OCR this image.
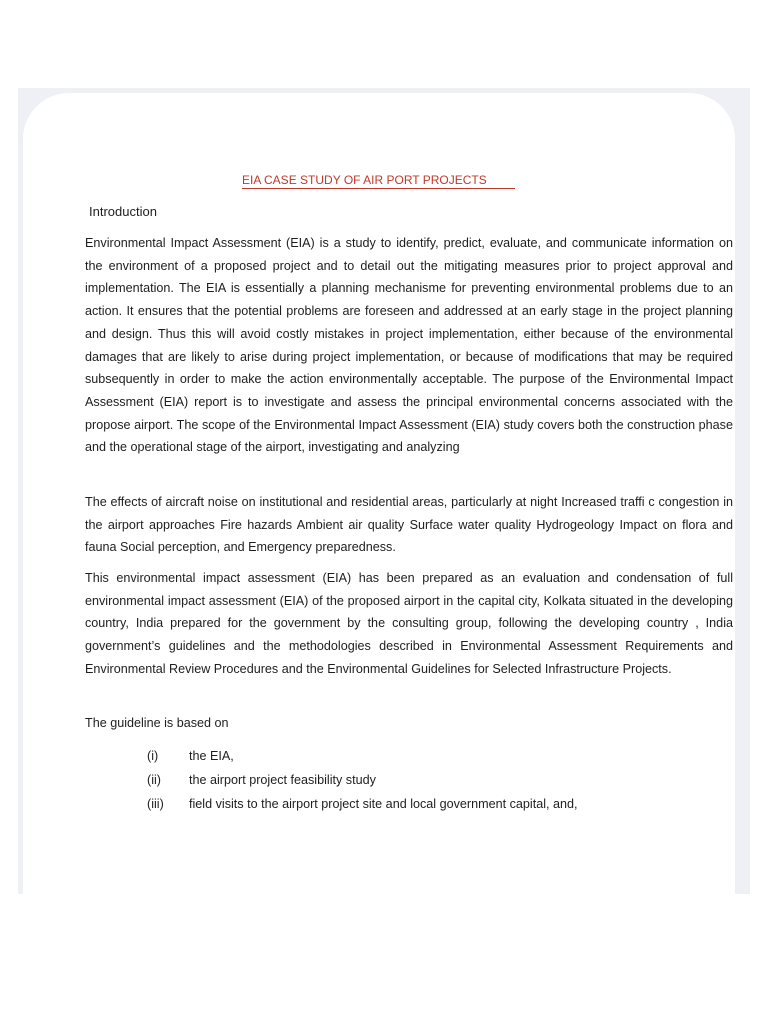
EIA CASE STUDY OF AIR PORT PROJECTS
Introduction

Environmental Impact Assessment (EIA) is a study to identify, predict, evaluate, and communicate information on the environment of a proposed project and to detail out the mitigating measures prior to project approval and implementation. The EIA is essentially a planning mechanisme for preventing environmental problems due to an action. It ensures that the potential problems are foreseen and addressed at an early stage in the project planning and design. Thus this will avoid costly mistakes in project implementation, either because of the environmental damages that are likely to arise during project implementation, or because of modifications that may be required subsequently in order to make the action environmentally acceptable. The purpose of the Environmental Impact Assessment (EIA) report is to investigate and assess the principal environmental concerns associated with the propose airport. The scope of the Environmental Impact Assessment (EIA) study covers both the construction phase and the operational stage of the airport, investigating and analyzing

The effects of aircraft noise on institutional and residential areas, particularly at night Increased traffi c congestion in the airport approaches Fire hazards Ambient air quality Surface water quality Hydrogeology Impact on flora and fauna Social perception, and Emergency preparedness.

This environmental impact assessment (EIA) has been prepared as an evaluation and condensation of full environmental impact assessment (EIA) of the proposed airport in the capital city, Kolkata situated in the developing country, India prepared for the government by the consulting group, following the developing country , India government’s guidelines and the methodologies described in Environmental Assessment Requirements and Environmental Review Procedures and the Environmental Guidelines for Selected Infrastructure Projects.

The guideline is based on

(i) the EIA,
(ii) the airport project feasibility study
(iii) field visits to the airport project site and local government capital, and,
